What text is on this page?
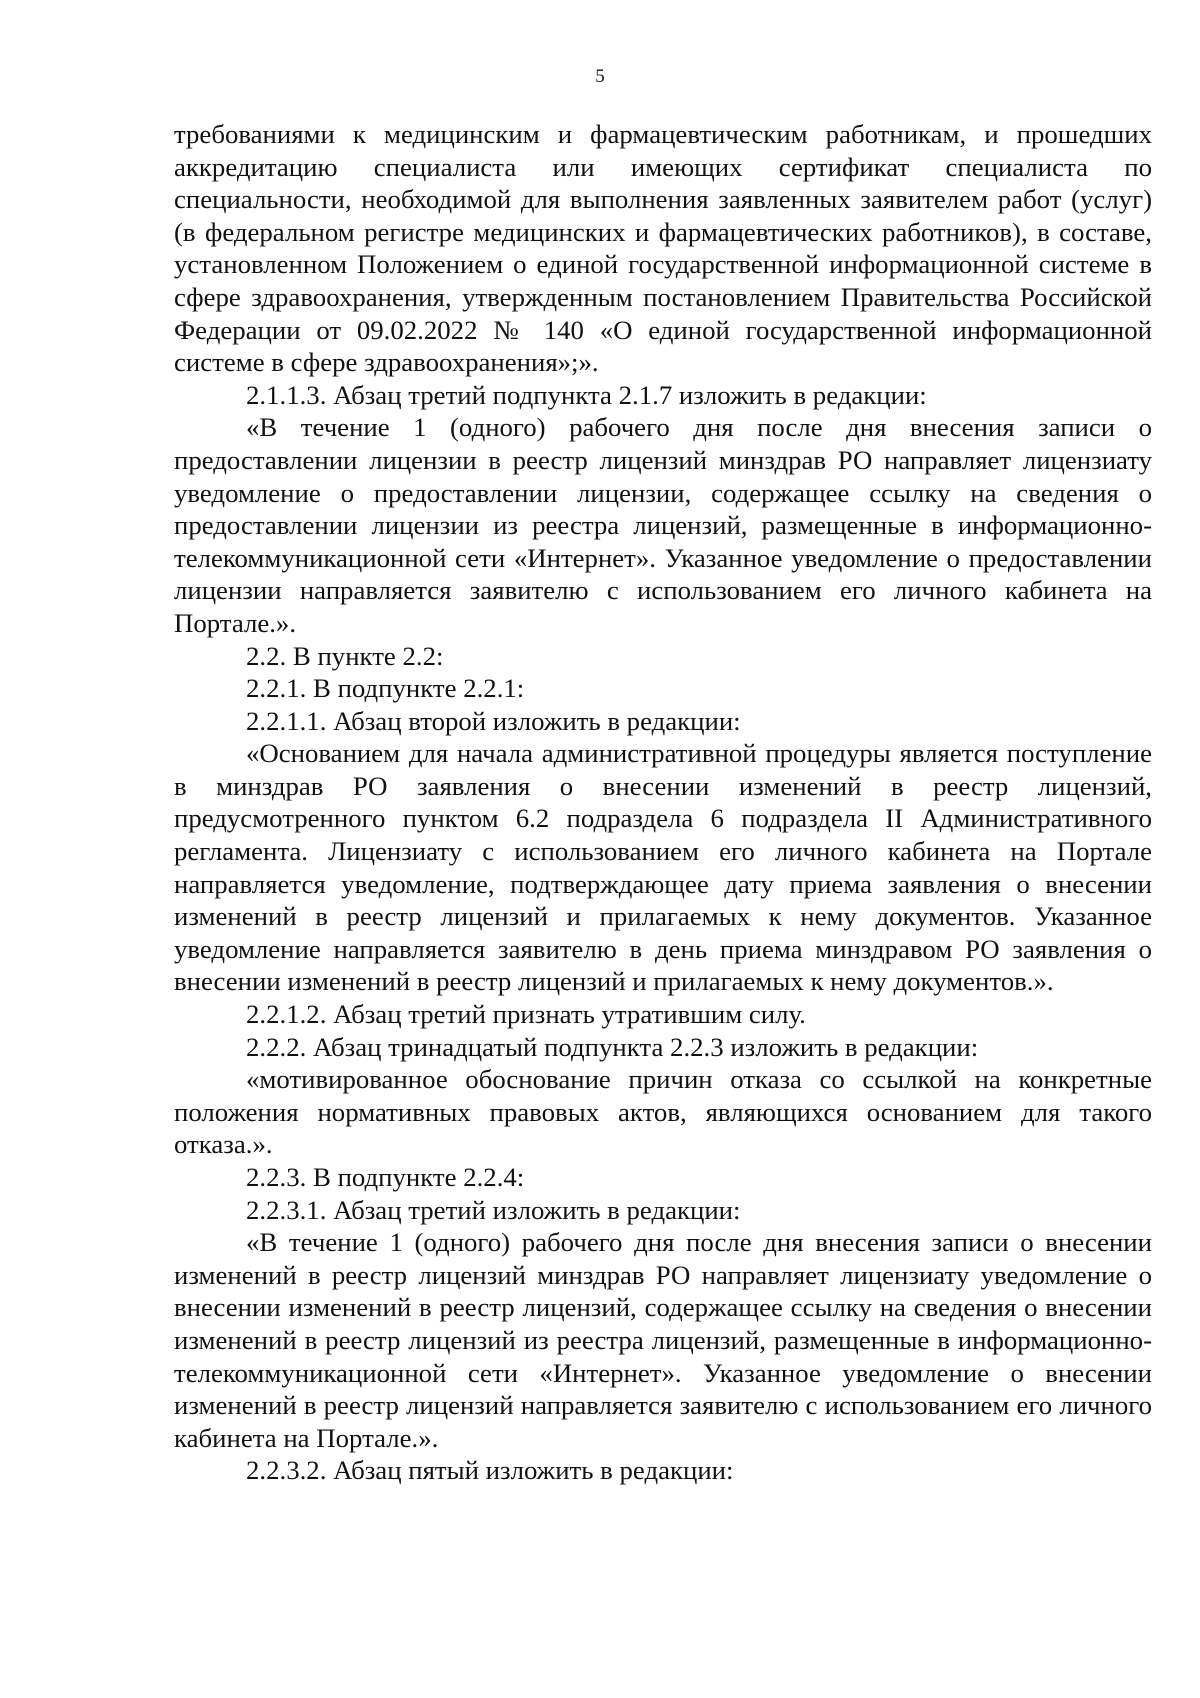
5

требованиями к медицинским и фармацевтическим работникам, и прошедших аккредитацию специалиста или имеющих сертификат специалиста по специальности, необходимой для выполнения заявленных заявителем работ (услуг) (в федеральном регистре медицинских и фармацевтических работников), в составе, установленном Положением о единой государственной информационной системе в сфере здравоохранения, утвержденным постановлением Правительства Российской Федерации от 09.02.2022 № 140 «О единой государственной информационной системе в сфере здравоохранения»;».

2.1.1.3. Абзац третий подпункта 2.1.7 изложить в редакции:

«В течение 1 (одного) рабочего дня после дня внесения записи о предоставлении лицензии в реестр лицензий минздрав РО направляет лицензиату уведомление о предоставлении лицензии, содержащее ссылку на сведения о предоставлении лицензии из реестра лицензий, размещенные в информационно-телекоммуникационной сети «Интернет». Указанное уведомление о предоставлении лицензии направляется заявителю с использованием его личного кабинета на Портале.».

2.2. В пункте 2.2:

2.2.1. В подпункте 2.2.1:

2.2.1.1. Абзац второй изложить в редакции:

«Основанием для начала административной процедуры является поступление в минздрав РО заявления о внесении изменений в реестр лицензий, предусмотренного пунктом 6.2 подраздела 6 подраздела II Административного регламента. Лицензиату с использованием его личного кабинета на Портале направляется уведомление, подтверждающее дату приема заявления о внесении изменений в реестр лицензий и прилагаемых к нему документов. Указанное уведомление направляется заявителю в день приема минздравом РО заявления о внесении изменений в реестр лицензий и прилагаемых к нему документов.».

2.2.1.2. Абзац третий признать утратившим силу.

2.2.2. Абзац тринадцатый подпункта 2.2.3 изложить в редакции:

«мотивированное обоснование причин отказа со ссылкой на конкретные положения нормативных правовых актов, являющихся основанием для такого отказа.».

2.2.3. В подпункте 2.2.4:

2.2.3.1. Абзац третий изложить в редакции:

«В течение 1 (одного) рабочего дня после дня внесения записи о внесении изменений в реестр лицензий минздрав РО направляет лицензиату уведомление о внесении изменений в реестр лицензий, содержащее ссылку на сведения о внесении изменений в реестр лицензий из реестра лицензий, размещенные в информационно-телекоммуникационной сети «Интернет». Указанное уведомление о внесении изменений в реестр лицензий направляется заявителю с использованием его личного кабинета на Портале.».

2.2.3.2. Абзац пятый изложить в редакции:
